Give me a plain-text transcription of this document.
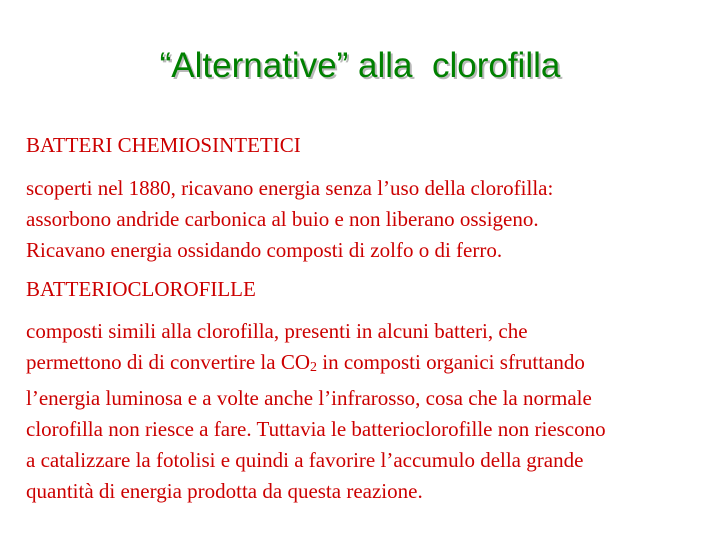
“Alternative” alla  clorofilla

BATTERI CHEMIOSINTETICI

scoperti nel 1880, ricavano energia senza l’uso della clorofilla:
assorbono andride carbonica al buio e non liberano ossigeno.
Ricavano energia ossidando composti di zolfo o di ferro.

BATTERIOCLOROFILLE

composti simili alla clorofilla, presenti in alcuni batteri, che
permettono di di convertire la CO2 in composti organici sfruttando
l’energia luminosa e a volte anche l’infrarosso, cosa che la normale
clorofilla non riesce a fare. Tuttavia le batterioclorofille non riescono
a catalizzare la fotolisi e quindi a favorire l’accumulo della grande
quantità di energia prodotta da questa reazione.
